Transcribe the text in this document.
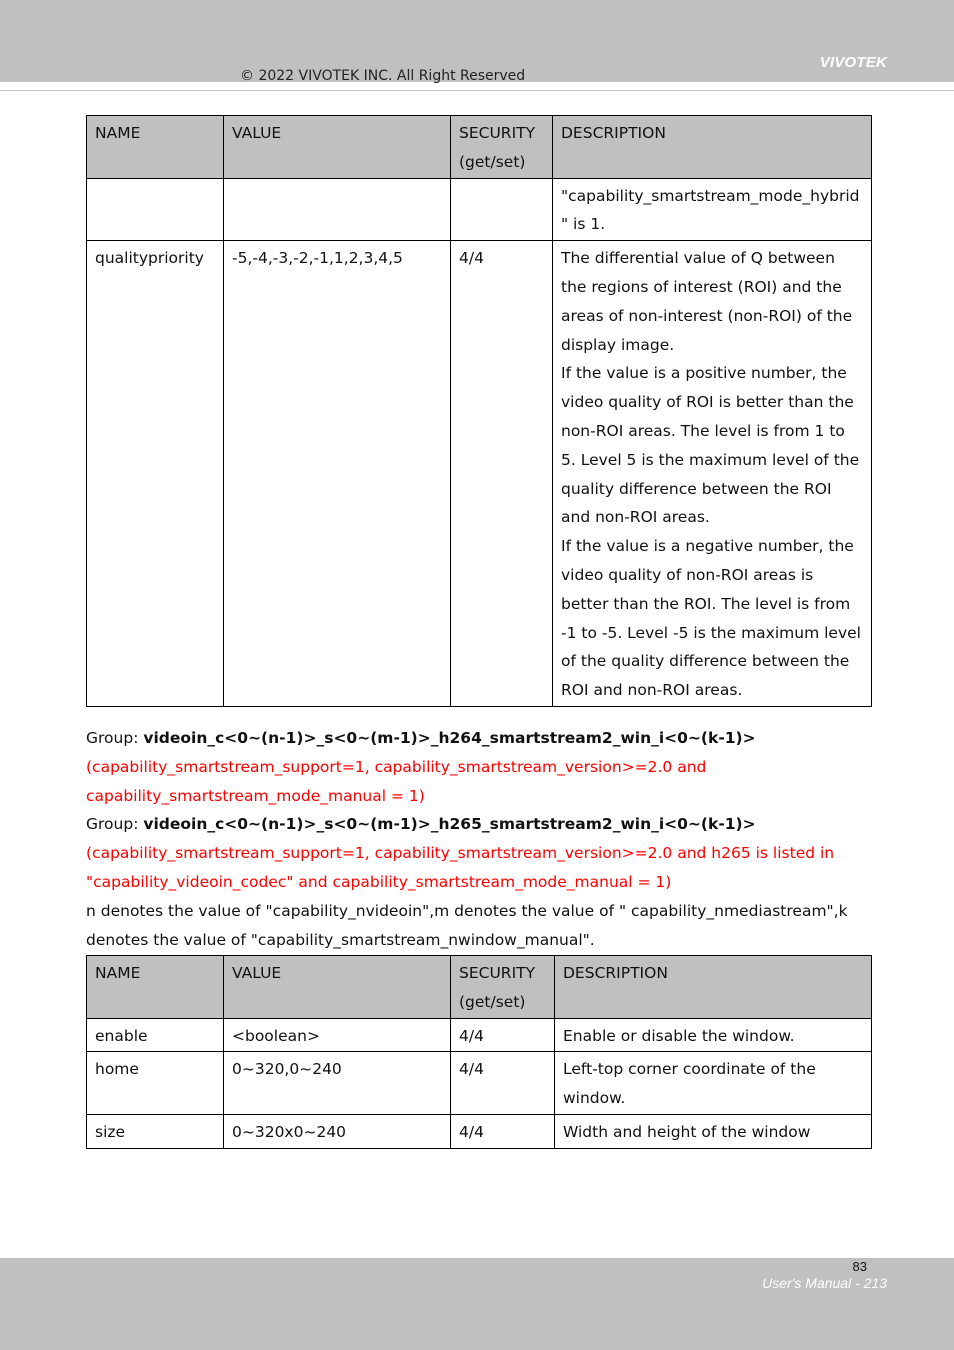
VIVOTEK
© 2022 VIVOTEK INC. All Right Reserved
NAME	VALUE	SECURITY (get/set)	DESCRIPTION

			"capability_smartstream_mode_hybrid" is 1.

qualitypriority	-5,-4,-3,-2,-1,1,2,3,4,5	4/4	The differential value of Q between the regions of interest (ROI) and the areas of non-interest (non-ROI) of the display image.
If the value is a positive number, the video quality of ROI is better than the non-ROI areas. The level is from 1 to 5. Level 5 is the maximum level of the quality difference between the ROI and non-ROI areas.
If the value is a negative number, the video quality of non-ROI areas is better than the ROI. The level is from -1 to -5. Level -5 is the maximum level of the quality difference between the ROI and non-ROI areas.

Group: videoin_c<0~(n-1)>_s<0~(m-1)>_h264_smartstream2_win_i<0~(k-1)>

(capability_smartstream_support=1, capability_smartstream_version>=2.0 and capability_smartstream_mode_manual = 1)

Group: videoin_c<0~(n-1)>_s<0~(m-1)>_h265_smartstream2_win_i<0~(k-1)>

(capability_smartstream_support=1, capability_smartstream_version>=2.0 and h265 is listed in "capability_videoin_codec" and capability_smartstream_mode_manual = 1)

n denotes the value of "capability_nvideoin",m denotes the value of " capability_nmediastream",k denotes the value of "capability_smartstream_nwindow_manual".

NAME	VALUE	SECURITY (get/set)	DESCRIPTION
enable	<boolean>	4/4	Enable or disable the window.
home	0~320,0~240	4/4	Left-top corner coordinate of the window.
size	0~320x0~240	4/4	Width and height of the window
83
User's Manual - 213
